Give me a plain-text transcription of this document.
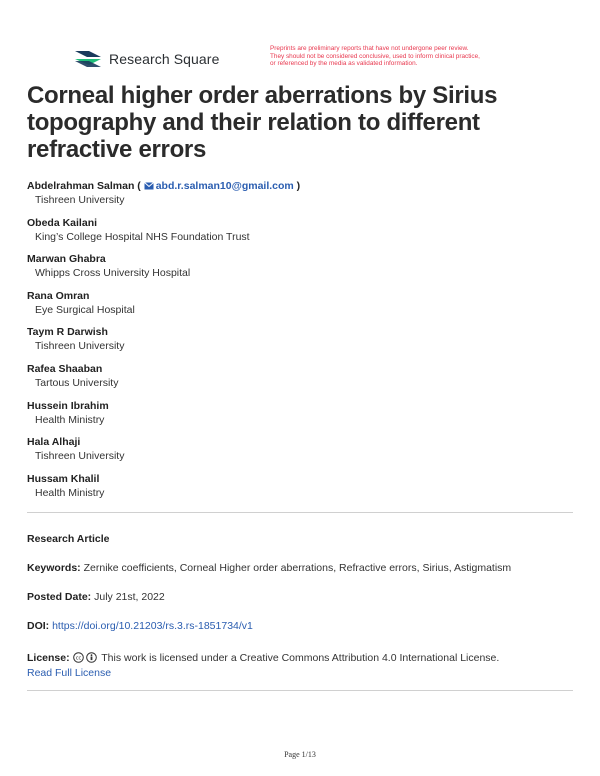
Research Square
Preprints are preliminary reports that have not undergone peer review.
They should not be considered conclusive, used to inform clinical practice,
or referenced by the media as validated information.
Corneal higher order aberrations by Sirius topography and their relation to different refractive errors
Abdelrahman Salman ( abd.r.salman10@gmail.com )
Tishreen University
Obeda Kailani
King’s College Hospital NHS Foundation Trust
Marwan Ghabra
Whipps Cross University Hospital
Rana Omran
Eye Surgical Hospital
Taym R Darwish
Tishreen University
Rafea Shaaban
Tartous University
Hussein Ibrahim
Health Ministry
Hala Alhaji
Tishreen University
Hussam Khalil
Health Ministry
Research Article
Keywords: Zernike coefficients, Corneal Higher order aberrations, Refractive errors, Sirius, Astigmatism
Posted Date: July 21st, 2022
DOI: https://doi.org/10.21203/rs.3.rs-1851734/v1
License: cc This work is licensed under a Creative Commons Attribution 4.0 International License.
Read Full License
Page 1/13
